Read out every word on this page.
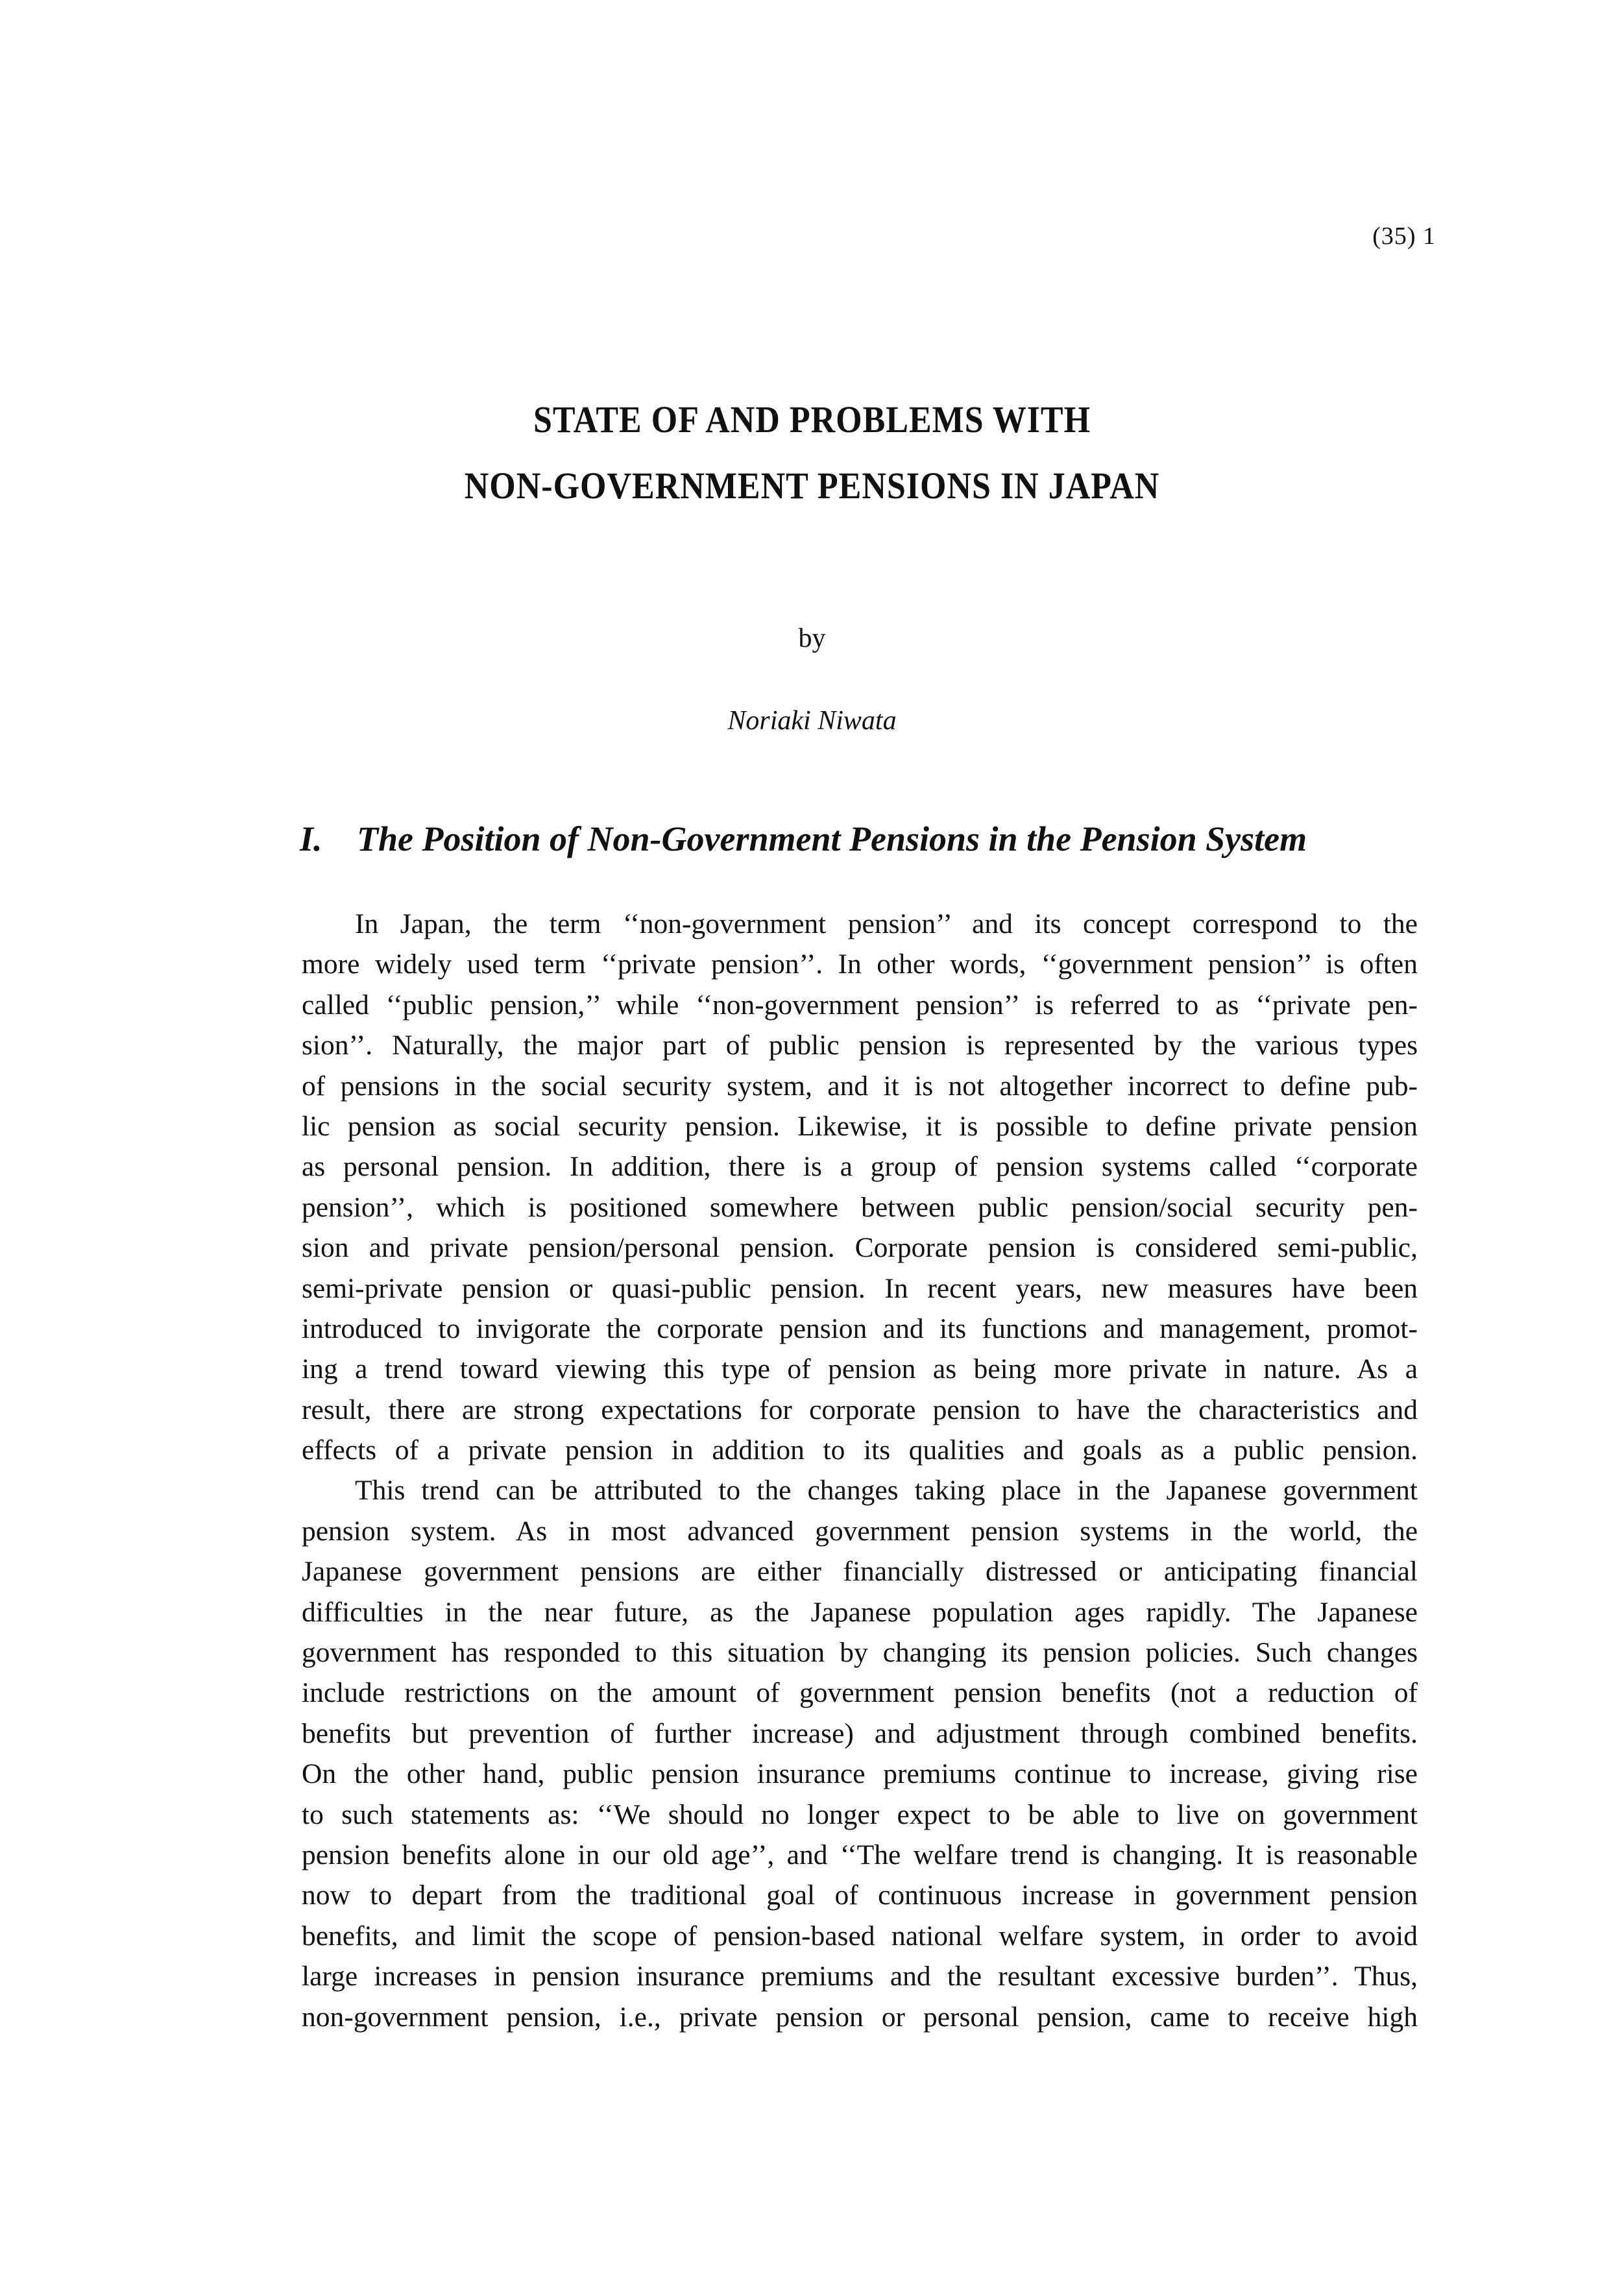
(35) 1
STATE OF AND PROBLEMS WITH
NON-GOVERNMENT PENSIONS IN JAPAN
by
Noriaki Niwata
I. The Position of Non-Government Pensions in the Pension System
In Japan, the term ‘‘non-government pension’’ and its concept correspond to the
more widely used term ‘‘private pension’’. In other words, ‘‘government pension’’ is often
called ‘‘public pension,’’ while ‘‘non-government pension’’ is referred to as ‘‘private pen-
sion’’. Naturally, the major part of public pension is represented by the various types
of pensions in the social security system, and it is not altogether incorrect to define pub-
lic pension as social security pension. Likewise, it is possible to define private pension
as personal pension. In addition, there is a group of pension systems called ‘‘corporate
pension’’, which is positioned somewhere between public pension/social security pen-
sion and private pension/personal pension. Corporate pension is considered semi-public,
semi-private pension or quasi-public pension. In recent years, new measures have been
introduced to invigorate the corporate pension and its functions and management, promot-
ing a trend toward viewing this type of pension as being more private in nature. As a
result, there are strong expectations for corporate pension to have the characteristics and
effects of a private pension in addition to its qualities and goals as a public pension.
This trend can be attributed to the changes taking place in the Japanese government
pension system. As in most advanced government pension systems in the world, the
Japanese government pensions are either financially distressed or anticipating financial
difficulties in the near future, as the Japanese population ages rapidly. The Japanese
government has responded to this situation by changing its pension policies. Such changes
include restrictions on the amount of government pension benefits (not a reduction of
benefits but prevention of further increase) and adjustment through combined benefits.
On the other hand, public pension insurance premiums continue to increase, giving rise
to such statements as: ‘‘We should no longer expect to be able to live on government
pension benefits alone in our old age’’, and ‘‘The welfare trend is changing. It is reasonable
now to depart from the traditional goal of continuous increase in government pension
benefits, and limit the scope of pension-based national welfare system, in order to avoid
large increases in pension insurance premiums and the resultant excessive burden’’. Thus,
non-government pension, i.e., private pension or personal pension, came to receive high
